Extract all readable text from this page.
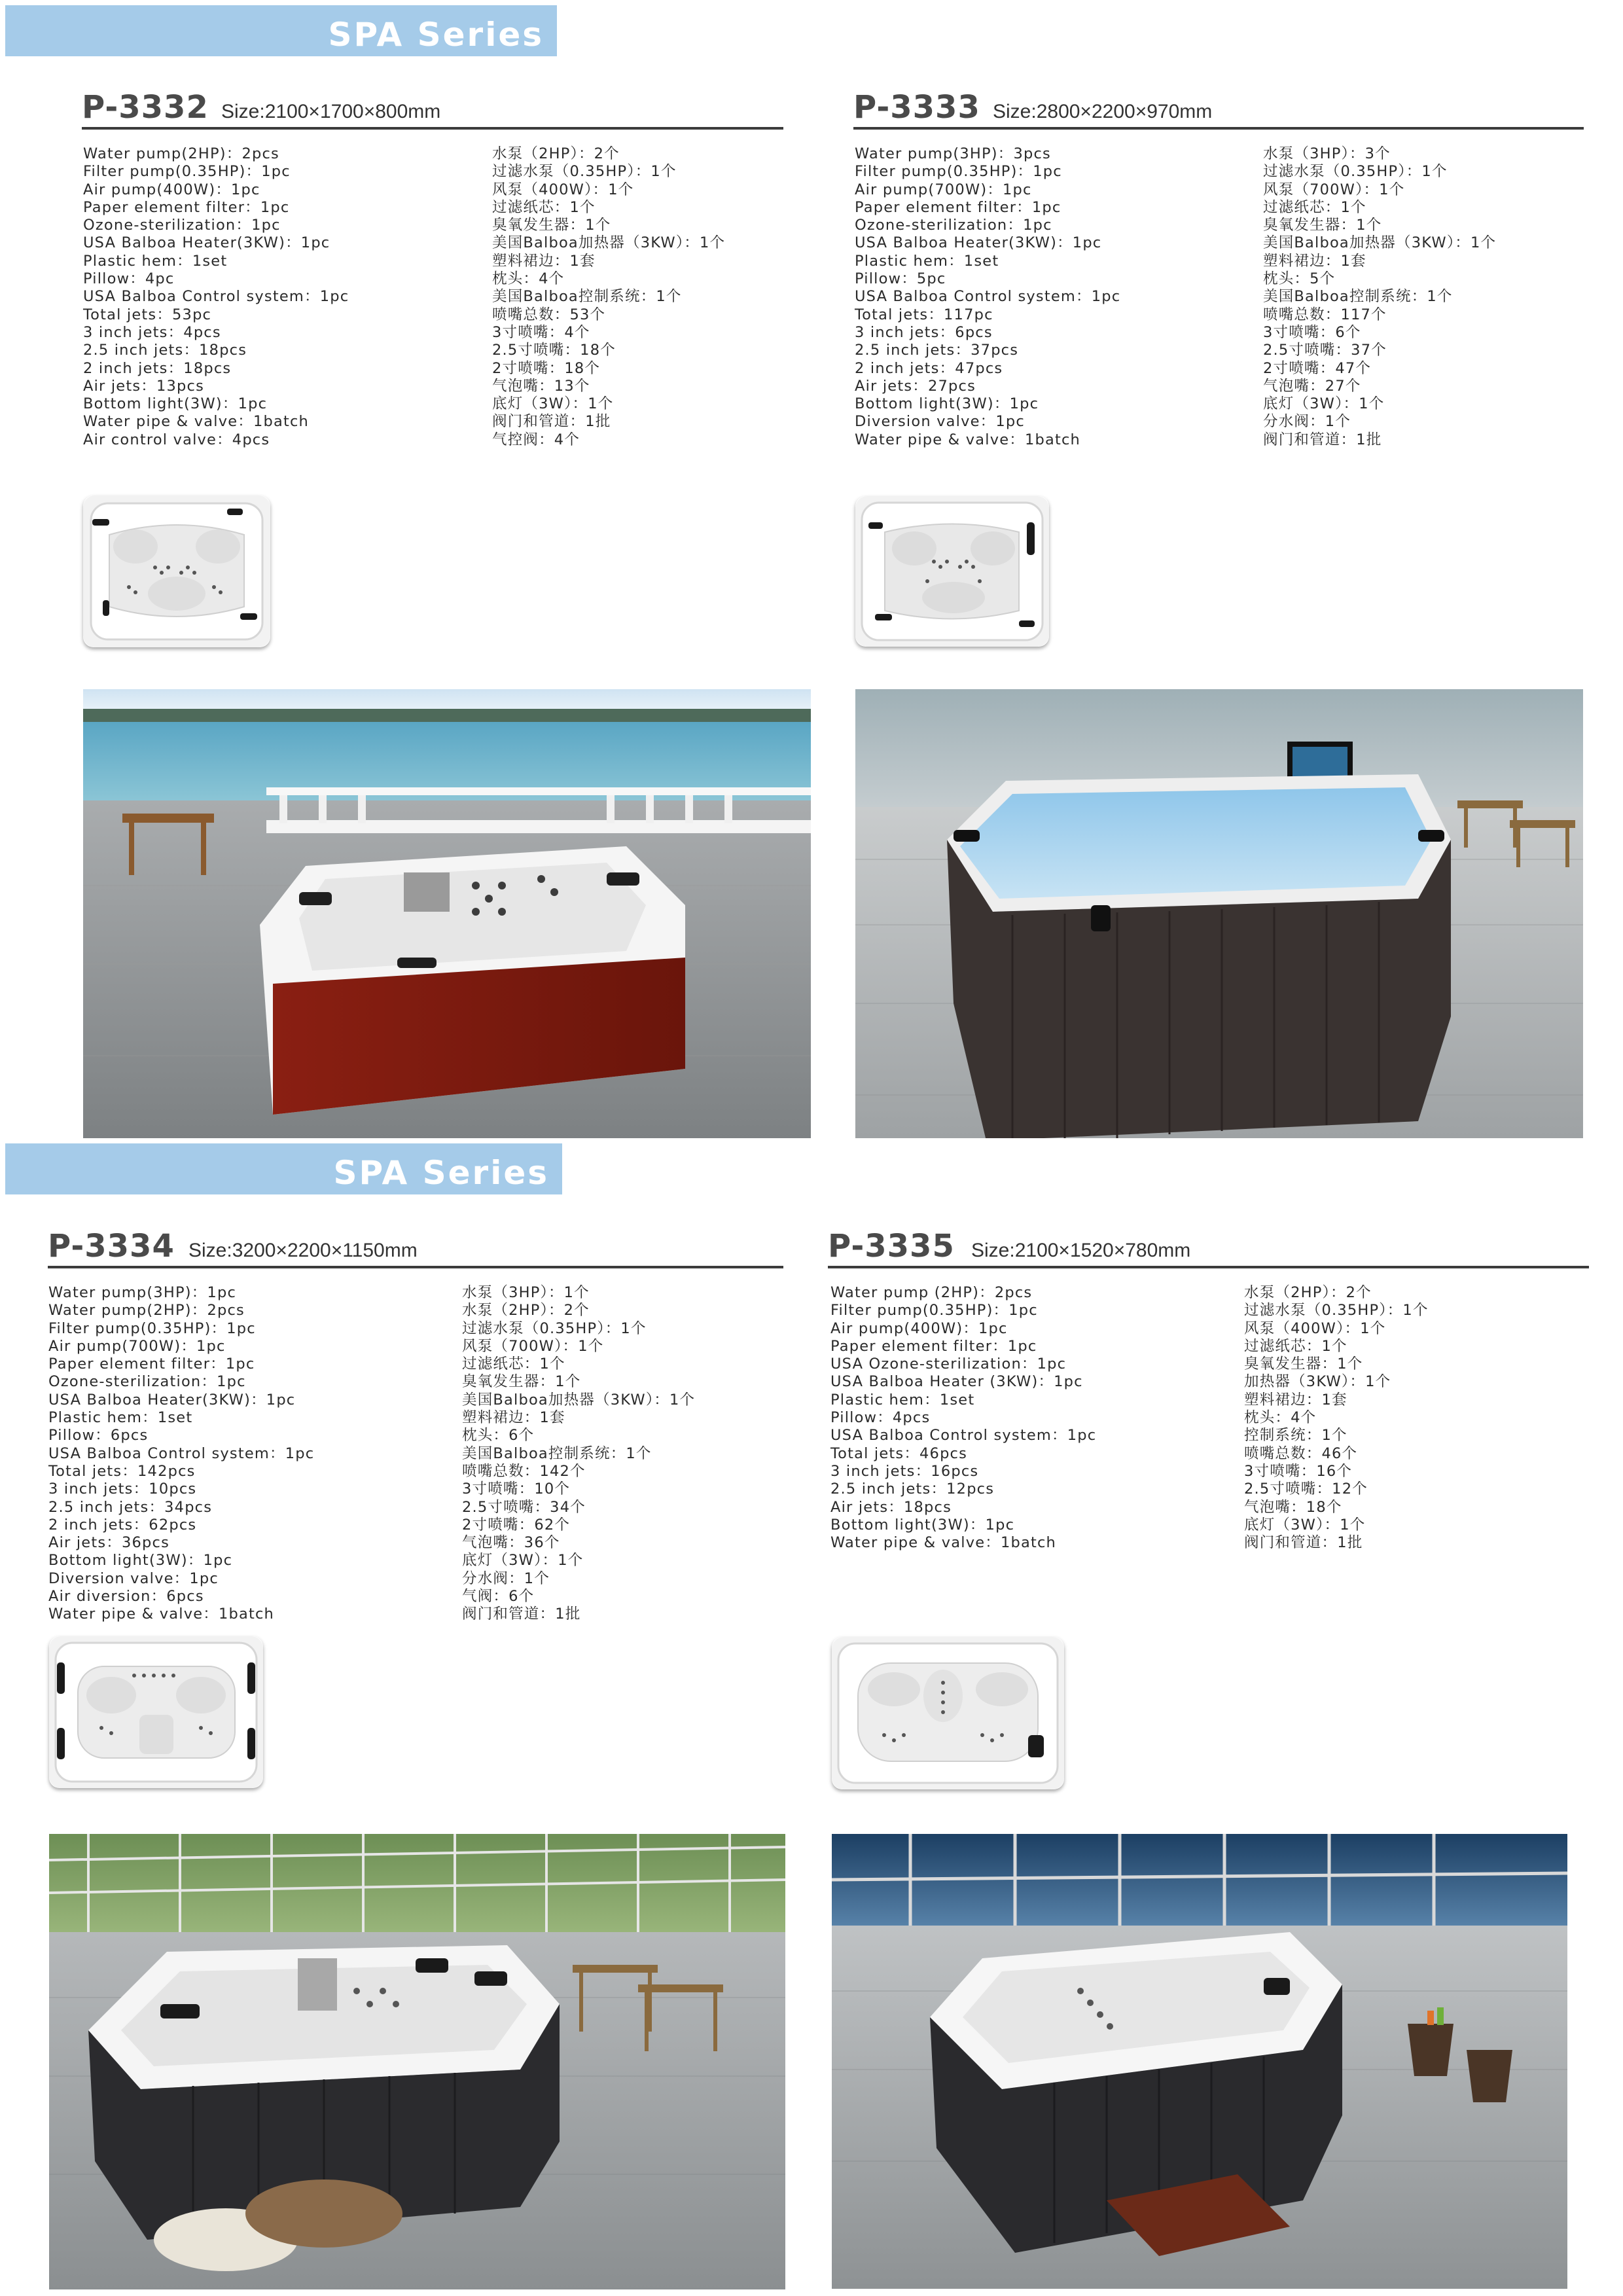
SPA Series
SPA Series
P-3332 Size:2100×1700×800mm
Water pump(2HP)：2pcs
Filter pump(0.35HP)：1pc
Air pump(400W)：1pc
Paper element filter：1pc
Ozone-sterilization：1pc
USA Balboa Heater(3KW)：1pc
Plastic hem：1set
Pillow：4pc
USA Balboa Control system：1pc
Total jets：53pc
3 inch jets：4pcs
2.5 inch jets：18pcs
2 inch jets：18pcs
Air jets：13pcs
Bottom light(3W)：1pc
Water pipe & valve：1batch
Air control valve：4pcs
水泵（2HP）：2个
过滤水泵（0.35HP）：1个
风泵（400W）：1个
过滤纸芯：1个
臭氧发生器：1个
美国Balboa加热器（3KW）：1个
塑料裙边：1套
枕头：4个
美国Balboa控制系统：1个
喷嘴总数：53个
3寸喷嘴：4个
2.5寸喷嘴：18个
2寸喷嘴：18个
气泡嘴：13个
底灯（3W）：1个
阀门和管道：1批
气控阀：4个
P-3333 Size:2800×2200×970mm
Water pump(3HP)：3pcs
Filter pump(0.35HP)：1pc
Air pump(700W)：1pc
Paper element filter：1pc
Ozone-sterilization：1pc
USA Balboa Heater(3KW)：1pc
Plastic hem：1set
Pillow：5pc
USA Balboa Control system：1pc
Total jets：117pc
3 inch jets：6pcs
2.5 inch jets：37pcs
2 inch jets：47pcs
Air jets：27pcs
Bottom light(3W)：1pc
Diversion valve：1pc
Water pipe & valve：1batch
水泵（3HP）：3个
过滤水泵（0.35HP）：1个
风泵（700W）：1个
过滤纸芯：1个
臭氧发生器：1个
美国Balboa加热器（3KW）：1个
塑料裙边：1套
枕头：5个
美国Balboa控制系统：1个
喷嘴总数：117个
3寸喷嘴：6个
2.5寸喷嘴：37个
2寸喷嘴：47个
气泡嘴：27个
底灯（3W）：1个
分水阀：1个
阀门和管道：1批
P-3334 Size:3200×2200×1150mm
Water pump(3HP)：1pc
Water pump(2HP)：2pcs
Filter pump(0.35HP)：1pc
Air pump(700W)：1pc
Paper element filter：1pc
Ozone-sterilization：1pc
USA Balboa Heater(3KW)：1pc
Plastic hem：1set
Pillow：6pcs
USA Balboa Control system：1pc
Total jets：142pcs
3 inch jets：10pcs
2.5 inch jets：34pcs
2 inch jets：62pcs
Air jets：36pcs
Bottom light(3W)：1pc
Diversion valve：1pc
Air diversion：6pcs
Water pipe & valve：1batch
水泵（3HP）：1个
水泵（2HP）：2个
过滤水泵（0.35HP）：1个
风泵（700W）：1个
过滤纸芯：1个
臭氧发生器：1个
美国Balboa加热器（3KW）：1个
塑料裙边：1套
枕头：6个
美国Balboa控制系统：1个
喷嘴总数：142个
3寸喷嘴：10个
2.5寸喷嘴：34个
2寸喷嘴：62个
气泡嘴：36个
底灯（3W）：1个
分水阀：1个
气阀：6个
阀门和管道：1批
P-3335 Size:2100×1520×780mm
Water pump (2HP)：2pcs
Filter pump(0.35HP)：1pc
Air pump(400W)：1pc
Paper element filter：1pc
USA Ozone-sterilization：1pc
USA Balboa Heater (3KW)：1pc
Plastic hem：1set
Pillow：4pcs
USA Balboa Control system：1pc
Total jets：46pcs
3 inch jets：16pcs
2.5 inch jets：12pcs
Air jets：18pcs
Bottom light(3W)：1pc
Water pipe & valve：1batch
水泵（2HP）：2个
过滤水泵（0.35HP）：1个
风泵（400W）：1个
过滤纸芯：1个
臭氧发生器：1个
加热器（3KW）：1个
塑料裙边：1套
枕头：4个
控制系统：1个
喷嘴总数：46个
3寸喷嘴：16个
2.5寸喷嘴：12个
气泡嘴：18个
底灯（3W）：1个
阀门和管道：1批
